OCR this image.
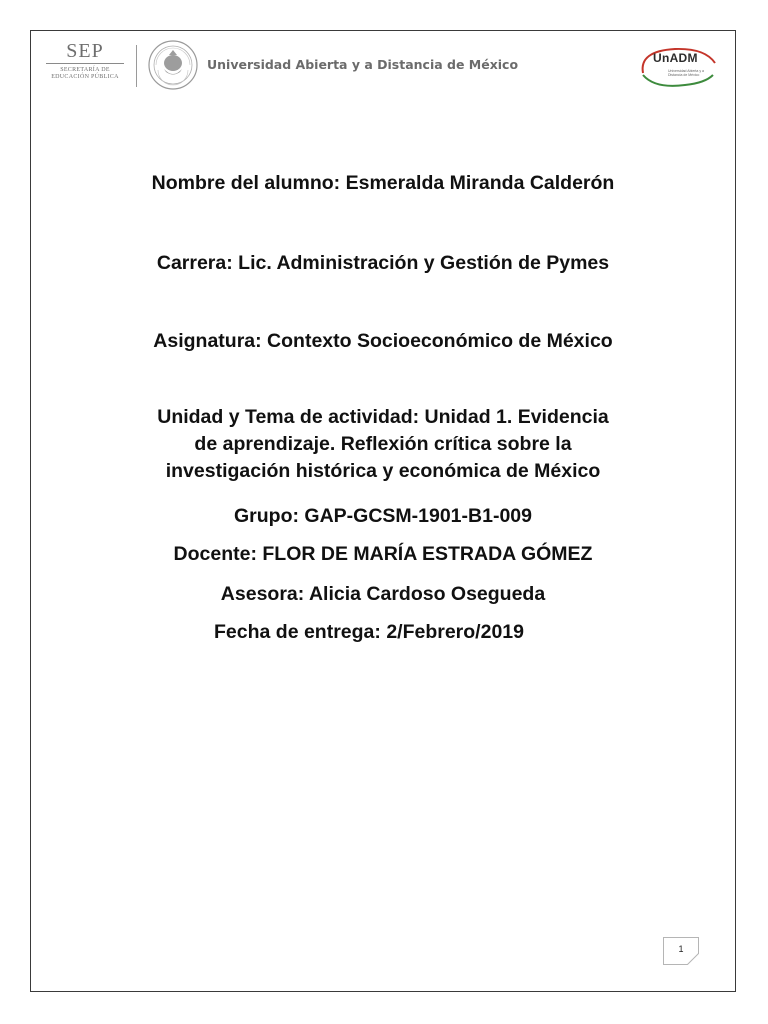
SEP
SECRETARÍA DE
EDUCACIÓN PÚBLICA
Universidad Abierta y a Distancia de México	UnADM
Universidad Abierta y a Distancia de México
Nombre del alumno: Esmeralda Miranda Calderón
Carrera: Lic. Administración y Gestión de Pymes
Asignatura: Contexto Socioeconómico de México
Unidad y Tema de actividad: Unidad 1. Evidencia
de aprendizaje. Reflexión crítica sobre la
investigación histórica y económica de México
Grupo: GAP-GCSM-1901-B1-009
Docente: FLOR DE MARÍA ESTRADA GÓMEZ
Asesora: Alicia Cardoso Osegueda
Fecha de entrega: 2/Febrero/2019
1
